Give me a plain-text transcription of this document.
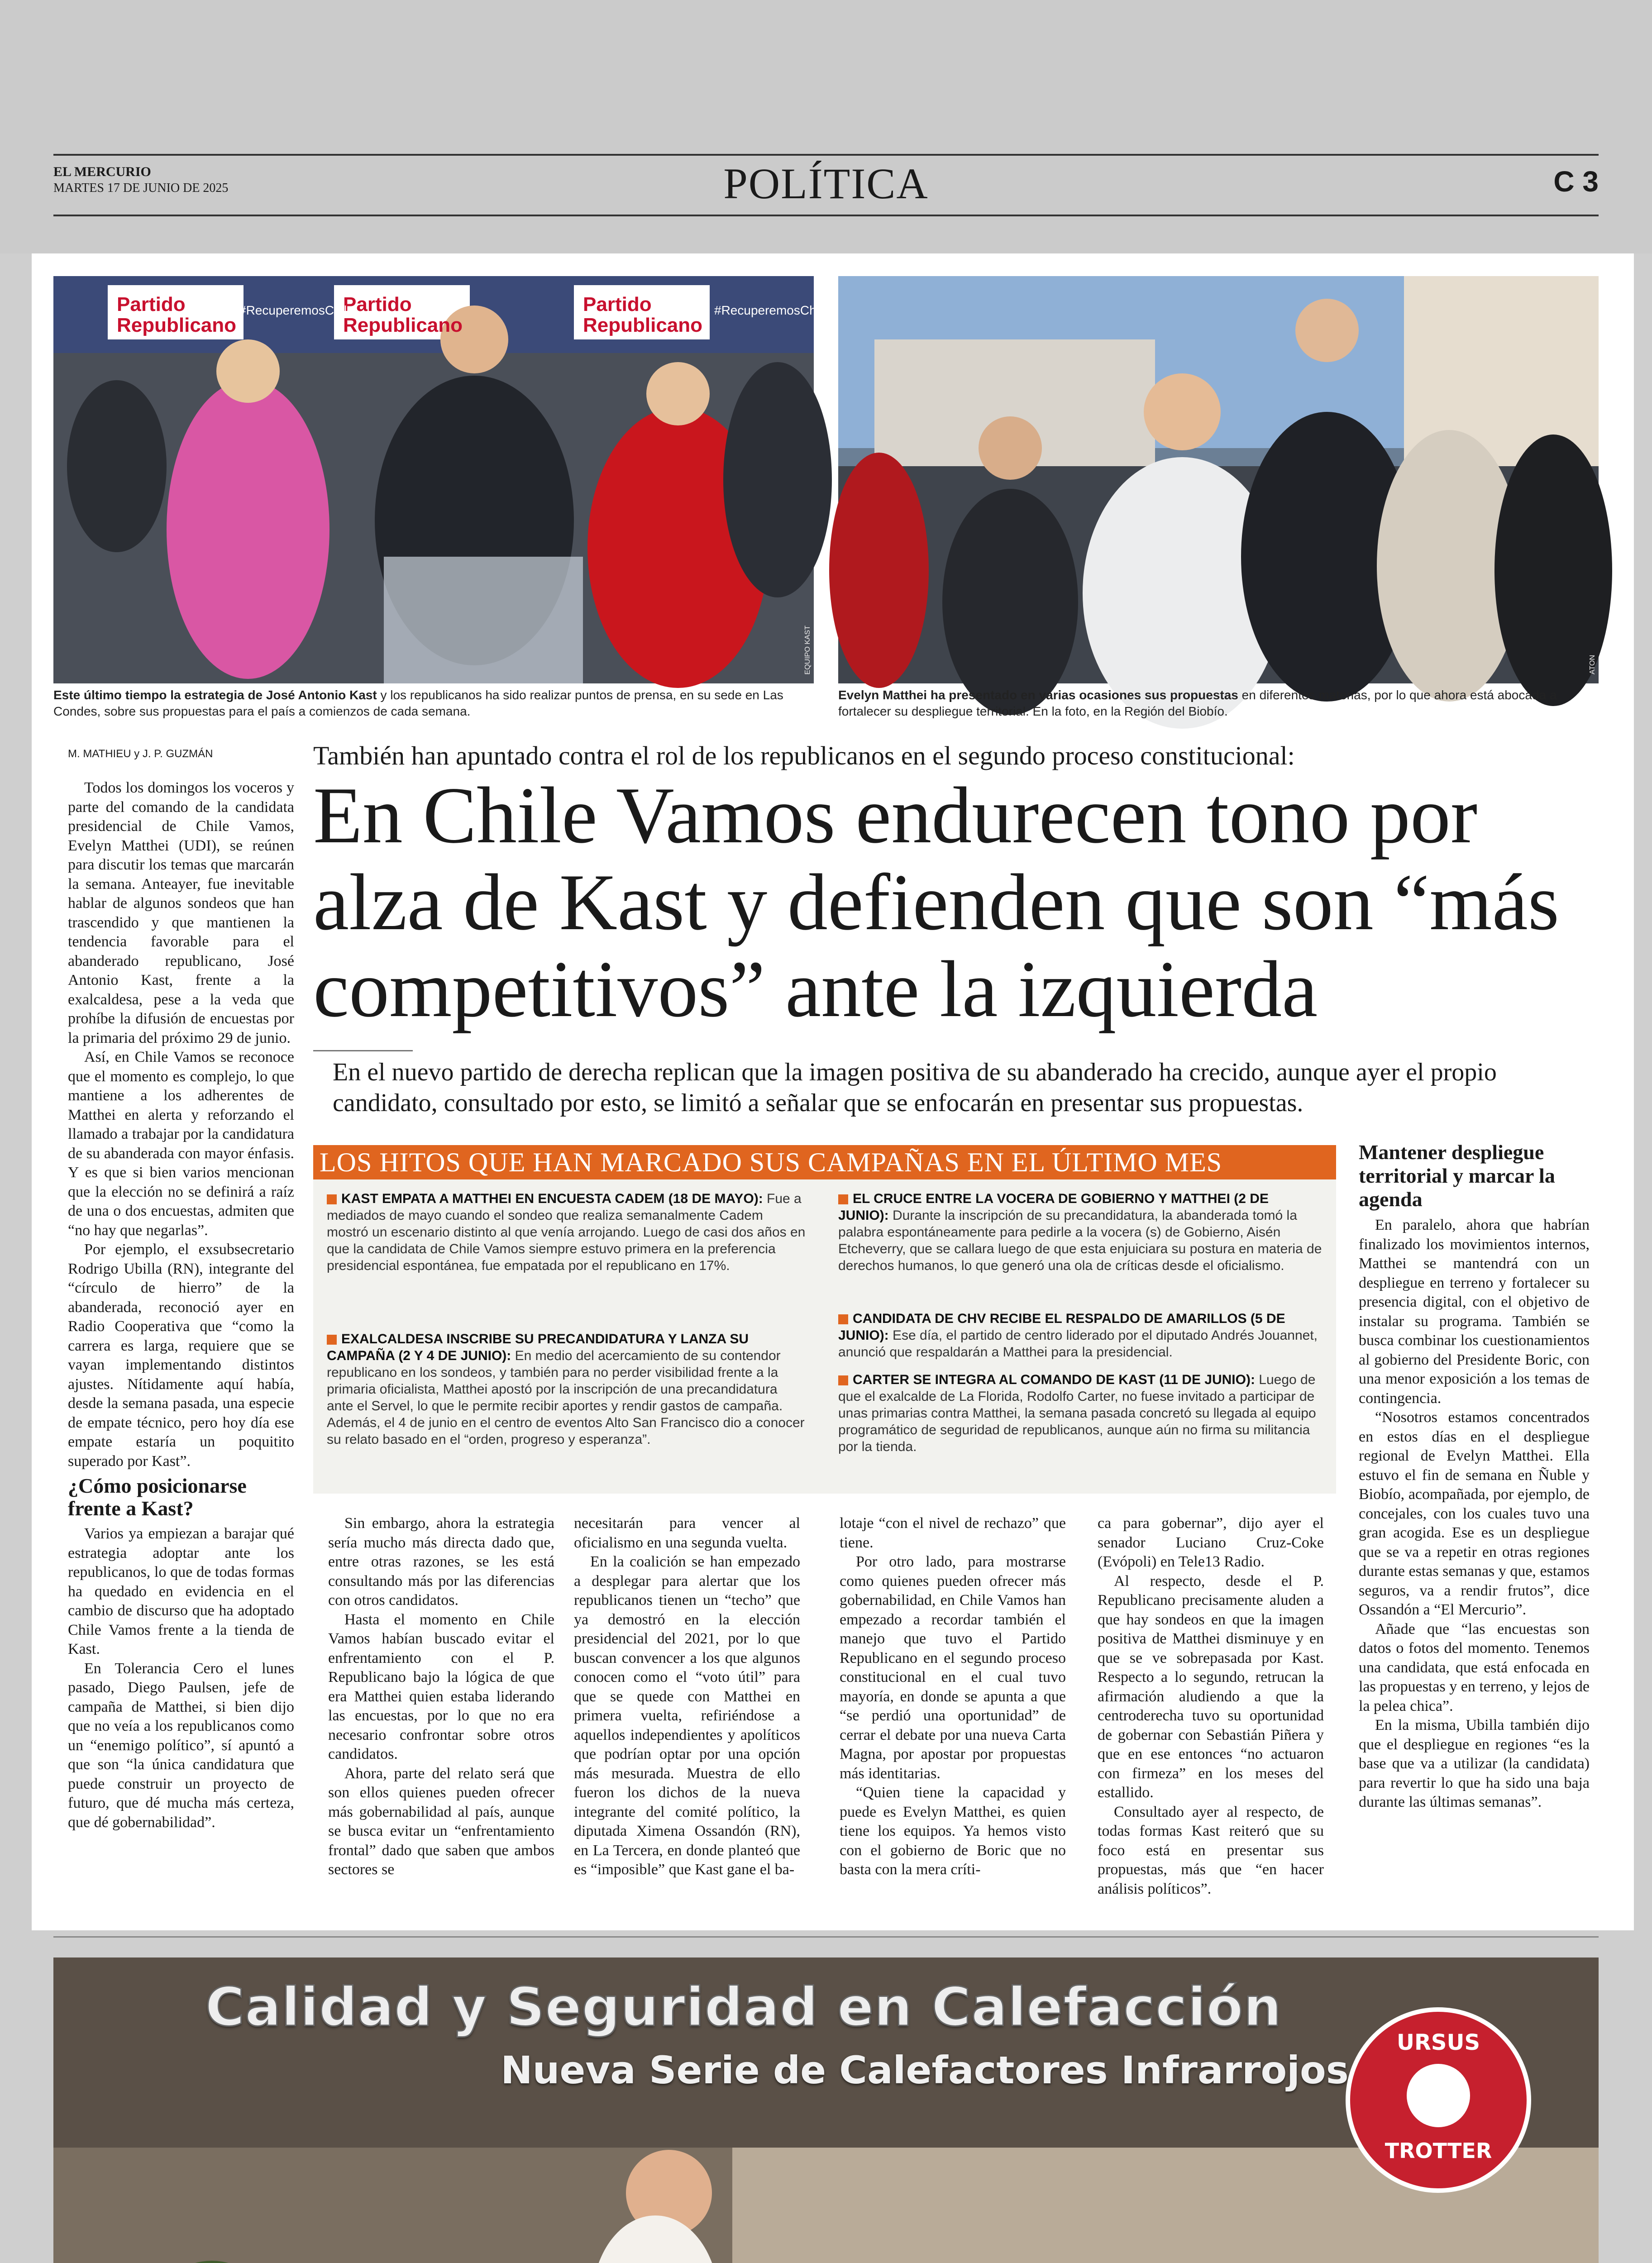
EL MERCURIO
MARTES 17 DE JUNIO DE 2025	POLÍTICA	C 3
Partido Republicano
Partido Republicano
Partido Republicano
#RecuperemosChile	#RecuperemosChile
EQUIPO KAST
Este último tiempo la estrategia de José Antonio Kast y los republicanos ha sido realizar puntos de prensa, en su sede en Las Condes, sobre sus propuestas para el país a comienzos de cada semana.
ATON
Evelyn Matthei ha presentado en varias ocasiones sus propuestas en diferentes materias, por lo que ahora está abocada a fortalecer su despliegue territorial. En la foto, en la Región del Biobío.
M. MATHIEU y J. P. GUZMÁN	También han apuntado contra el rol de los republicanos en el segundo proceso constitucional:
En Chile Vamos endurecen tono por alza de Kast y defienden que son “más competitivos” ante la izquierda
En el nuevo partido de derecha replican que la imagen positiva de su abanderado ha crecido, aunque ayer el propio candidato, consultado por esto, se limitó a señalar que se enfocarán en presentar sus propuestas.

Todos los domingos los voceros y parte del comando de la candidata presidencial de Chile Vamos, Evelyn Matthei (UDI), se reúnen para discutir los temas que marcarán la semana. Anteayer, fue inevitable hablar de algunos sondeos que han trascendido y que mantienen la tendencia favorable para el abanderado republicano, José Antonio Kast, frente a la exalcaldesa, pese a la veda que prohíbe la difusión de encuestas por la primaria del próximo 29 de junio.

Así, en Chile Vamos se reconoce que el momento es complejo, lo que mantiene a los adherentes de Matthei en alerta y reforzando el llamado a trabajar por la candidatura de su abanderada con mayor énfasis. Y es que si bien varios mencionan que la elección no se definirá a raíz de una o dos encuestas, admiten que “no hay que negarlas”.

Por ejemplo, el exsubsecretario Rodrigo Ubilla (RN), integrante del “círculo de hierro” de la abanderada, reconoció ayer en Radio Cooperativa que “como la carrera es larga, requiere que se vayan implementando distintos ajustes. Nítidamente aquí había, desde la semana pasada, una especie de empate técnico, pero hoy día ese empate estaría un poquitito superado por Kast”.

¿Cómo posicionarse frente a Kast?

Varios ya empiezan a barajar qué estrategia adoptar ante los republicanos, lo que de todas formas ha quedado en evidencia en el cambio de discurso que ha adoptado Chile Vamos frente a la tienda de Kast.

En Tolerancia Cero el lunes pasado, Diego Paulsen, jefe de campaña de Matthei, si bien dijo que no veía a los republicanos como un “enemigo político”, sí apuntó a que son “la única candidatura que puede construir un proyecto de futuro, que dé mucha más certeza, que dé gobernabilidad”.

LOS HITOS QUE HAN MARCADO SUS CAMPAÑAS EN EL ÚLTIMO MES
KAST EMPATA A MATTHEI EN ENCUESTA CADEM (18 DE MAYO): Fue a mediados de mayo cuando el sondeo que realiza semanalmente Cadem mostró un escenario distinto al que venía arrojando. Luego de casi dos años en que la candidata de Chile Vamos siempre estuvo primera en la preferencia presidencial espontánea, fue empatada por el republicano en 17%.
EXALCALDESA INSCRIBE SU PRECANDIDATURA Y LANZA SU CAMPAÑA (2 Y 4 DE JUNIO): En medio del acercamiento de su contendor republicano en los sondeos, y también para no perder visibilidad frente a la primaria oficialista, Matthei apostó por la inscripción de una precandidatura ante el Servel, lo que le permite recibir aportes y rendir gastos de campaña. Además, el 4 de junio en el centro de eventos Alto San Francisco dio a conocer su relato basado en el “orden, progreso y esperanza”.
EL CRUCE ENTRE LA VOCERA DE GOBIERNO Y MATTHEI (2 DE JUNIO): Durante la inscripción de su precandidatura, la abanderada tomó la palabra espontáneamente para pedirle a la vocera (s) de Gobierno, Aisén Etcheverry, que se callara luego de que esta enjuiciara su postura en materia de derechos humanos, lo que generó una ola de críticas desde el oficialismo.
CANDIDATA DE CHV RECIBE EL RESPALDO DE AMARILLOS (5 DE JUNIO): Ese día, el partido de centro liderado por el diputado Andrés Jouannet, anunció que respaldarán a Matthei para la presidencial.
CARTER SE INTEGRA AL COMANDO DE KAST (11 DE JUNIO): Luego de que el exalcalde de La Florida, Rodolfo Carter, no fuese invitado a participar de unas primarias contra Matthei, la semana pasada concretó su llegada al equipo programático de seguridad de republicanos, aunque aún no firma su militancia por la tienda.

Sin embargo, ahora la estrategia sería mucho más directa dado que, entre otras razones, se les está consultando más por las diferencias con otros candidatos.

Hasta el momento en Chile Vamos habían buscado evitar el enfrentamiento con el P. Republicano bajo la lógica de que era Matthei quien estaba liderando las encuestas, por lo que no era necesario confrontar sobre otros candidatos.

Ahora, parte del relato será que son ellos quienes pueden ofrecer más gobernabilidad al país, aunque se busca evitar un “enfrentamiento frontal” dado que saben que ambos sectores se

necesitarán para vencer al oficialismo en una segunda vuelta.

En la coalición se han empezado a desplegar para alertar que los republicanos tienen un “techo” que ya demostró en la elección presidencial del 2021, por lo que buscan convencer a los que algunos conocen como el “voto útil” para que se quede con Matthei en primera vuelta, refiriéndose a aquellos independientes y apolíticos que podrían optar por una opción más mesurada. Muestra de ello fueron los dichos de la nueva integrante del comité político, la diputada Ximena Ossandón (RN), en La Tercera, en donde planteó que es “imposible” que Kast gane el ba-

lotaje “con el nivel de rechazo” que tiene.

Por otro lado, para mostrarse como quienes pueden ofrecer más gobernabilidad, en Chile Vamos han empezado a recordar también el manejo que tuvo el Partido Republicano en el segundo proceso constitucional en el cual tuvo mayoría, en donde se apunta a que “se perdió una oportunidad” de cerrar el debate por una nueva Carta Magna, por apostar por propuestas más identitarias.

“Quien tiene la capacidad y puede es Evelyn Matthei, es quien tiene los equipos. Ya hemos visto con el gobierno de Boric que no basta con la mera críti-

ca para gobernar”, dijo ayer el senador Luciano Cruz-Coke (Evópoli) en Tele13 Radio.

Al respecto, desde el P. Republicano precisamente aluden a que hay sondeos en que la imagen positiva de Matthei disminuye y en que se ve sobrepasada por Kast. Respecto a lo segundo, retrucan la afirmación aludiendo a que la centroderecha tuvo su oportunidad de gobernar con Sebastián Piñera y que en ese entonces “no actuaron con firmeza” en los meses del estallido.

Consultado ayer al respecto, de todas formas Kast reiteró que su foco está en presentar sus propuestas, más que “en hacer análisis políticos”.

Mantener despliegue territorial y marcar la agenda

En paralelo, ahora que habrían finalizado los movimientos internos, Matthei se mantendrá con un despliegue en terreno y fortalecer su presencia digital, con el objetivo de instalar su programa. También se busca combinar los cuestionamientos al gobierno del Presidente Boric, con una menor exposición a los temas de contingencia.

“Nosotros estamos concentrados en estos días en el despliegue regional de Evelyn Matthei. Ella estuvo el fin de semana en Ñuble y Biobío, acompañada, por ejemplo, de concejales, con los cuales tuvo una gran acogida. Ese es un despliegue que se va a repetir en otras regiones durante estas semanas y que, estamos seguros, va a rendir frutos”, dice Ossandón a “El Mercurio”.

Añade que “las encuestas son datos o fotos del momento. Tenemos una candidata, que está enfocada en las propuestas y en terreno, y lejos de la pelea chica”.

En la misma, Ubilla también dijo que el despliegue en regiones “es la base que va a utilizar (la candidata) para revertir lo que ha sido una baja durante las últimas semanas”.

Calidad y Seguridad en Calefacción
Nueva Serie de Calefactores Infrarrojos
URSUS
TROTTER
